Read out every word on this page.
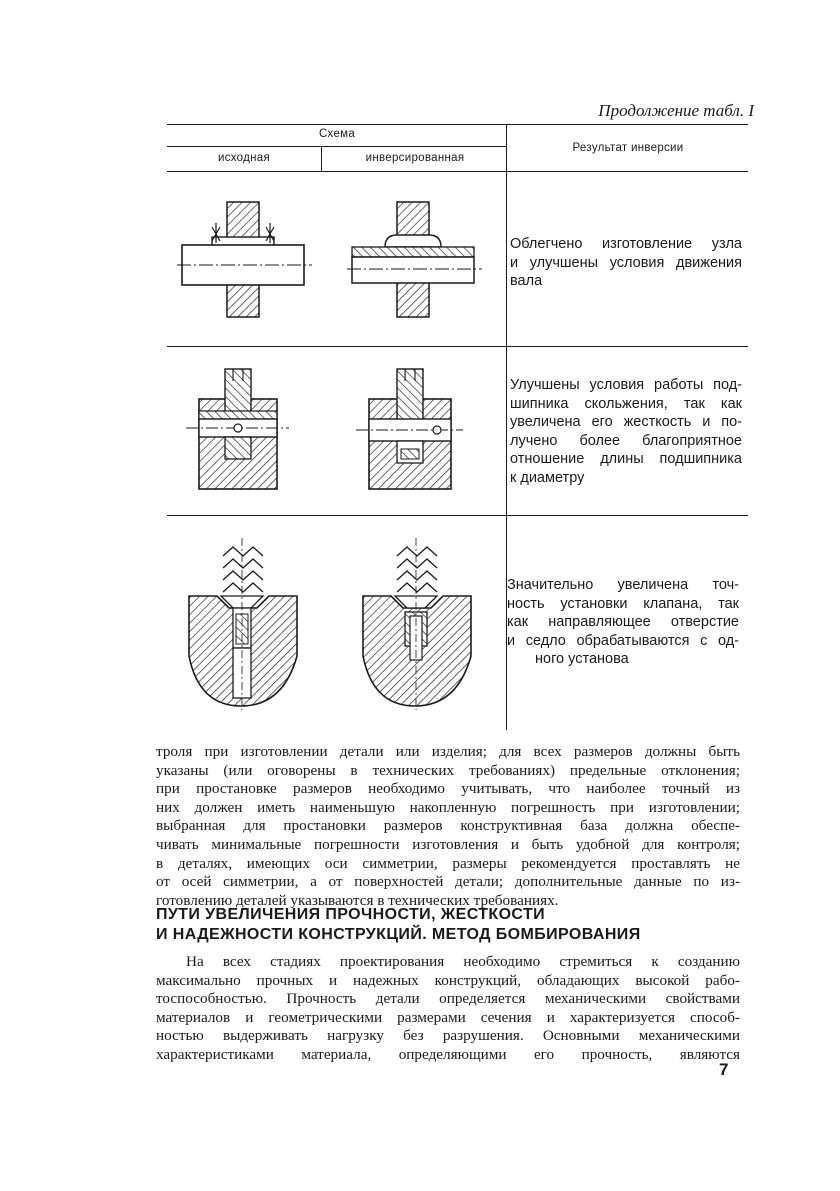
Продолжение табл. I
Схема
исходная	инверсированная
Результат инверсии
Облегчено изготовление узла
и улучшены условия движения
вала
Улучшены условия работы под-
шипника скольжения, так как
увеличена его жесткость и по-
лучено более благоприятное
отношение длины подшипника
к диаметру
Значительно увеличена точ-
ность установки клапана, так
как направляющее отверстие
и седло обрабатываются с од-
ного установа
троля при изготовлении детали или изделия; для всех размеров должны быть
указаны (или оговорены в технических требованиях) предельные отклонения;
при простановке размеров необходимо учитывать, что наиболее точный из
них должен иметь наименьшую накопленную погрешность при изготовлении;
выбранная для простановки размеров конструктивная база должна обеспе-
чивать минимальные погрешности изготовления и быть удобной для контроля;
в деталях, имеющих оси симметрии, размеры рекомендуется проставлять не
от осей симметрии, а от поверхностей детали; дополнительные данные по из-
готовлению деталей указываются в технических требованиях.
ПУТИ УВЕЛИЧЕНИЯ ПРОЧНОСТИ, ЖЕСТКОСТИ
И НАДЕЖНОСТИ КОНСТРУКЦИЙ. МЕТОД БОМБИРОВАНИЯ
На всех стадиях проектирования необходимо стремиться к созданию
максимально прочных и надежных конструкций, обладающих высокой рабо-
тоспособностью. Прочность детали определяется механическими свойствами
материалов и геометрическими размерами сечения и характеризуется способ-
ностью выдерживать нагрузку без разрушения. Основными механическими
характеристиками материала, определяющими его прочность, являются
7
